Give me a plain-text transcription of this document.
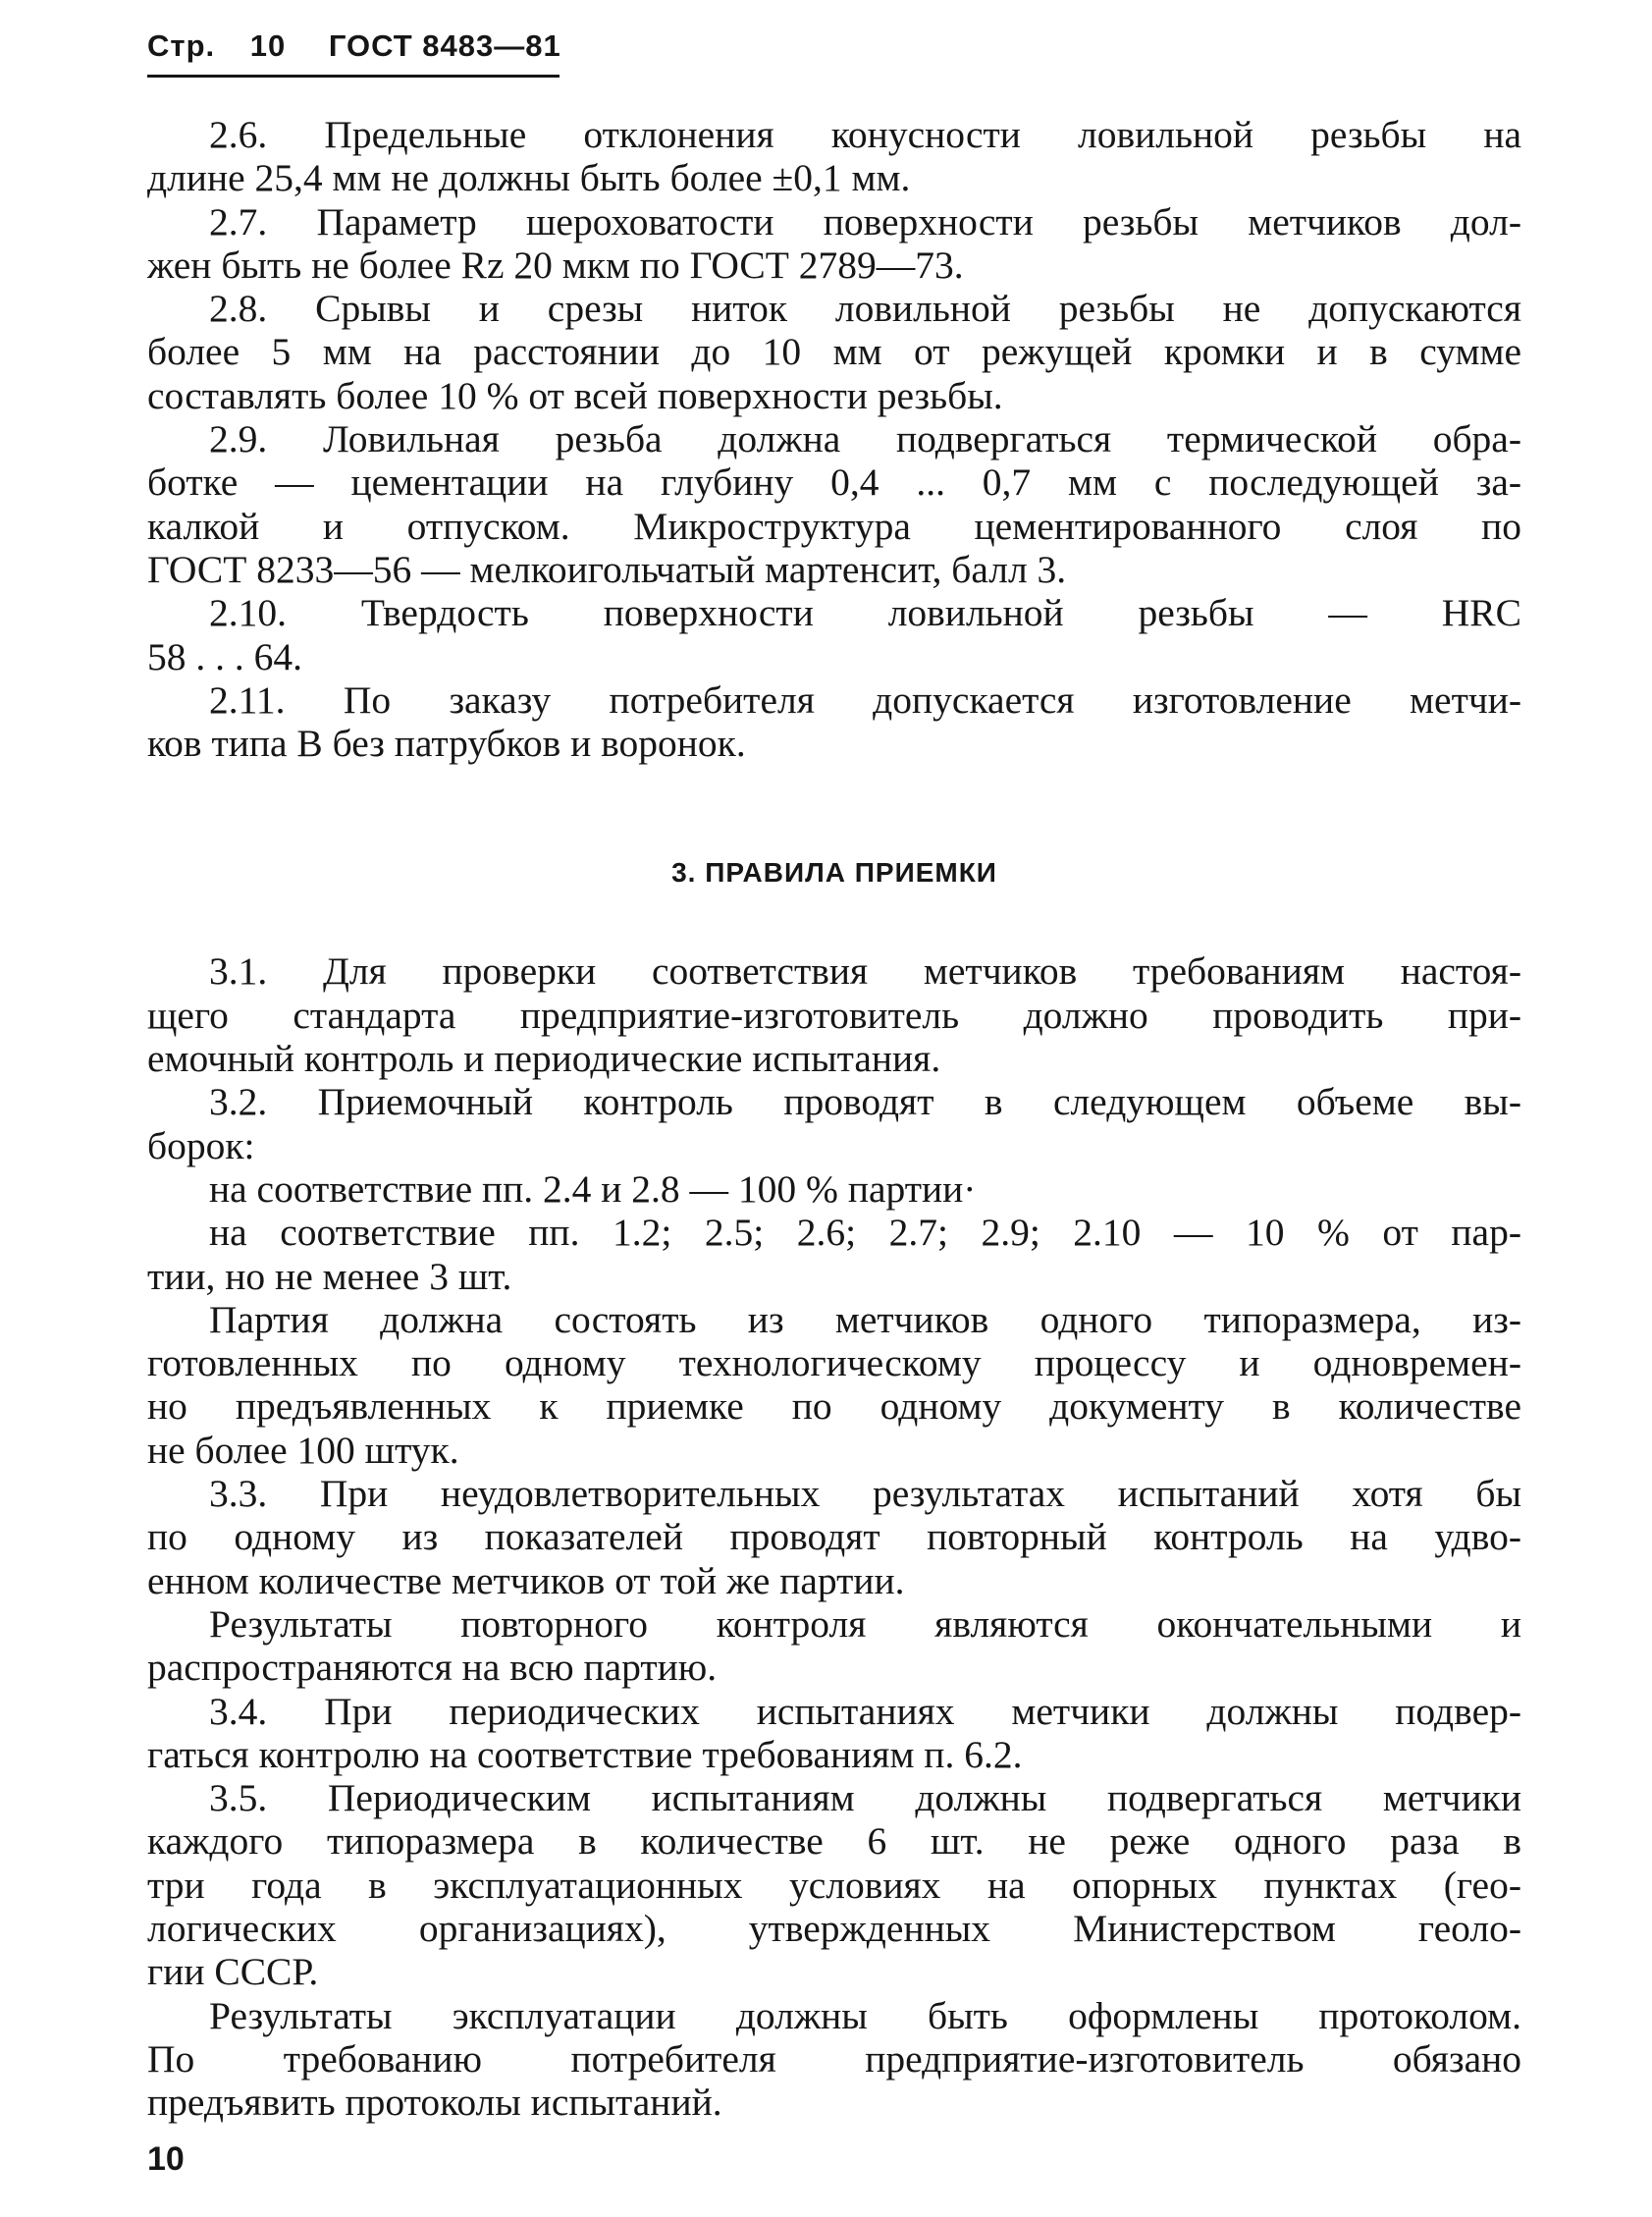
Стр. 10 ГОСТ 8483—81
2.6. Предельные отклонения конусности ловильной резьбы на
длине 25,4 мм не должны быть более ±0,1 мм.
2.7. Параметр шероховатости поверхности резьбы метчиков дол-
жен быть не более Rz 20 мкм по ГОСТ 2789—73.
2.8. Срывы и срезы ниток ловильной резьбы не допускаются
более 5 мм на расстоянии до 10 мм от режущей кромки и в сумме
составлять более 10 % от всей поверхности резьбы.
2.9. Ловильная резьба должна подвергаться термической обра-
ботке — цементации на глубину 0,4 ... 0,7 мм с последующей за-
калкой и отпуском. Микроструктура цементированного слоя по
ГОСТ 8233—56 — мелкоигольчатый мартенсит, балл 3.
2.10. Твердость поверхности ловильной резьбы — HRC
58 . . . 64.
2.11. По заказу потребителя допускается изготовление метчи-
ков типа В без патрубков и воронок.
3. ПРАВИЛА ПРИЕМКИ
3.1. Для проверки соответствия метчиков требованиям настоя-
щего стандарта предприятие-изготовитель должно проводить при-
емочный контроль и периодические испытания.
3.2. Приемочный контроль проводят в следующем объеме вы-
борок:
на соответствие пп. 2.4 и 2.8 — 100 % партии·
на соответствие пп. 1.2; 2.5; 2.6; 2.7; 2.9; 2.10 — 10 % от пар-
тии, но не менее 3 шт.
Партия должна состоять из метчиков одного типоразмера, из-
готовленных по одному технологическому процессу и одновремен-
но предъявленных к приемке по одному документу в количестве
не более 100 штук.
3.3. При неудовлетворительных результатах испытаний хотя бы
по одному из показателей проводят повторный контроль на удво-
енном количестве метчиков от той же партии.
Результаты повторного контроля являются окончательными и
распространяются на всю партию.
3.4. При периодических испытаниях метчики должны подвер-
гаться контролю на соответствие требованиям п. 6.2.
3.5. Периодическим испытаниям должны подвергаться метчики
каждого типоразмера в количестве 6 шт. не реже одного раза в
три года в эксплуатационных условиях на опорных пунктах (гео-
логических организациях), утвержденных Министерством геоло-
гии СССР.
Результаты эксплуатации должны быть оформлены протоколом.
По требованию потребителя предприятие-изготовитель обязано
предъявить протоколы испытаний.
10
